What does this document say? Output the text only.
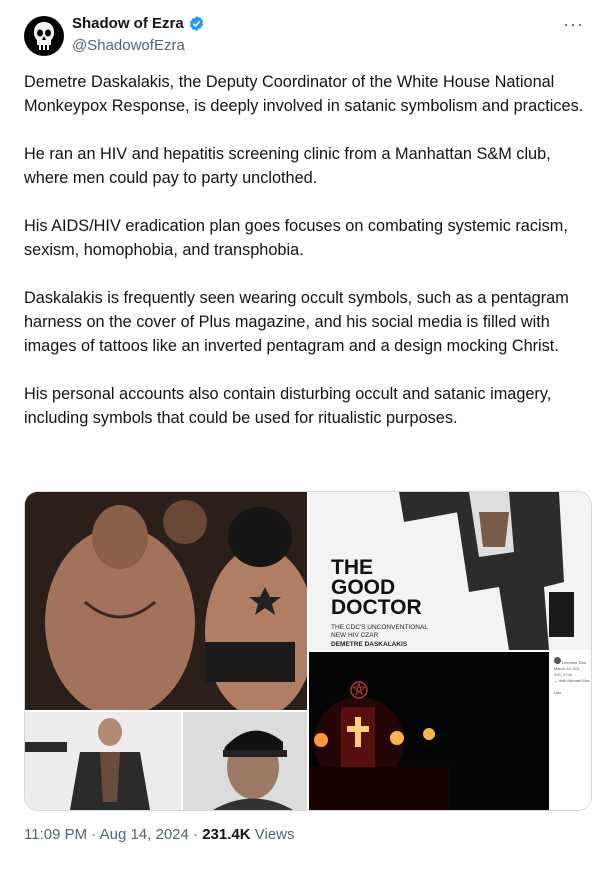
Shadow of Ezra
@ShadowofEzra
···

Demetre Daskalakis, the Deputy Coordinator of the White House National Monkeypox Response, is deeply involved in satanic symbolism and practices.

He ran an HIV and hepatitis screening clinic from a Manhattan S&M club, where men could pay to party unclothed.

His AIDS/HIV eradication plan goes focuses on combating systemic racism, sexism, homophobia, and transphobia.

Daskalakis is frequently seen wearing occult symbols, such as a pentagram harness on the cover of Plus magazine, and his social media is filled with images of tattoos like an inverted pentagram and a design mocking Christ.

His personal accounts also contain disturbing occult and satanic imagery, including symbols that could be used for ritualistic purposes.

THE
GOOD
DOCTOR
THE CDC'S UNCONVENTIONAL NEW HIV CZAR
DEMETRE DASKALAKIS
Demetre Das
March 24, 201
SIG_2744
— with Michael Mac

Like
11:09 PM · Aug 14, 2024 · 231.4K Views
